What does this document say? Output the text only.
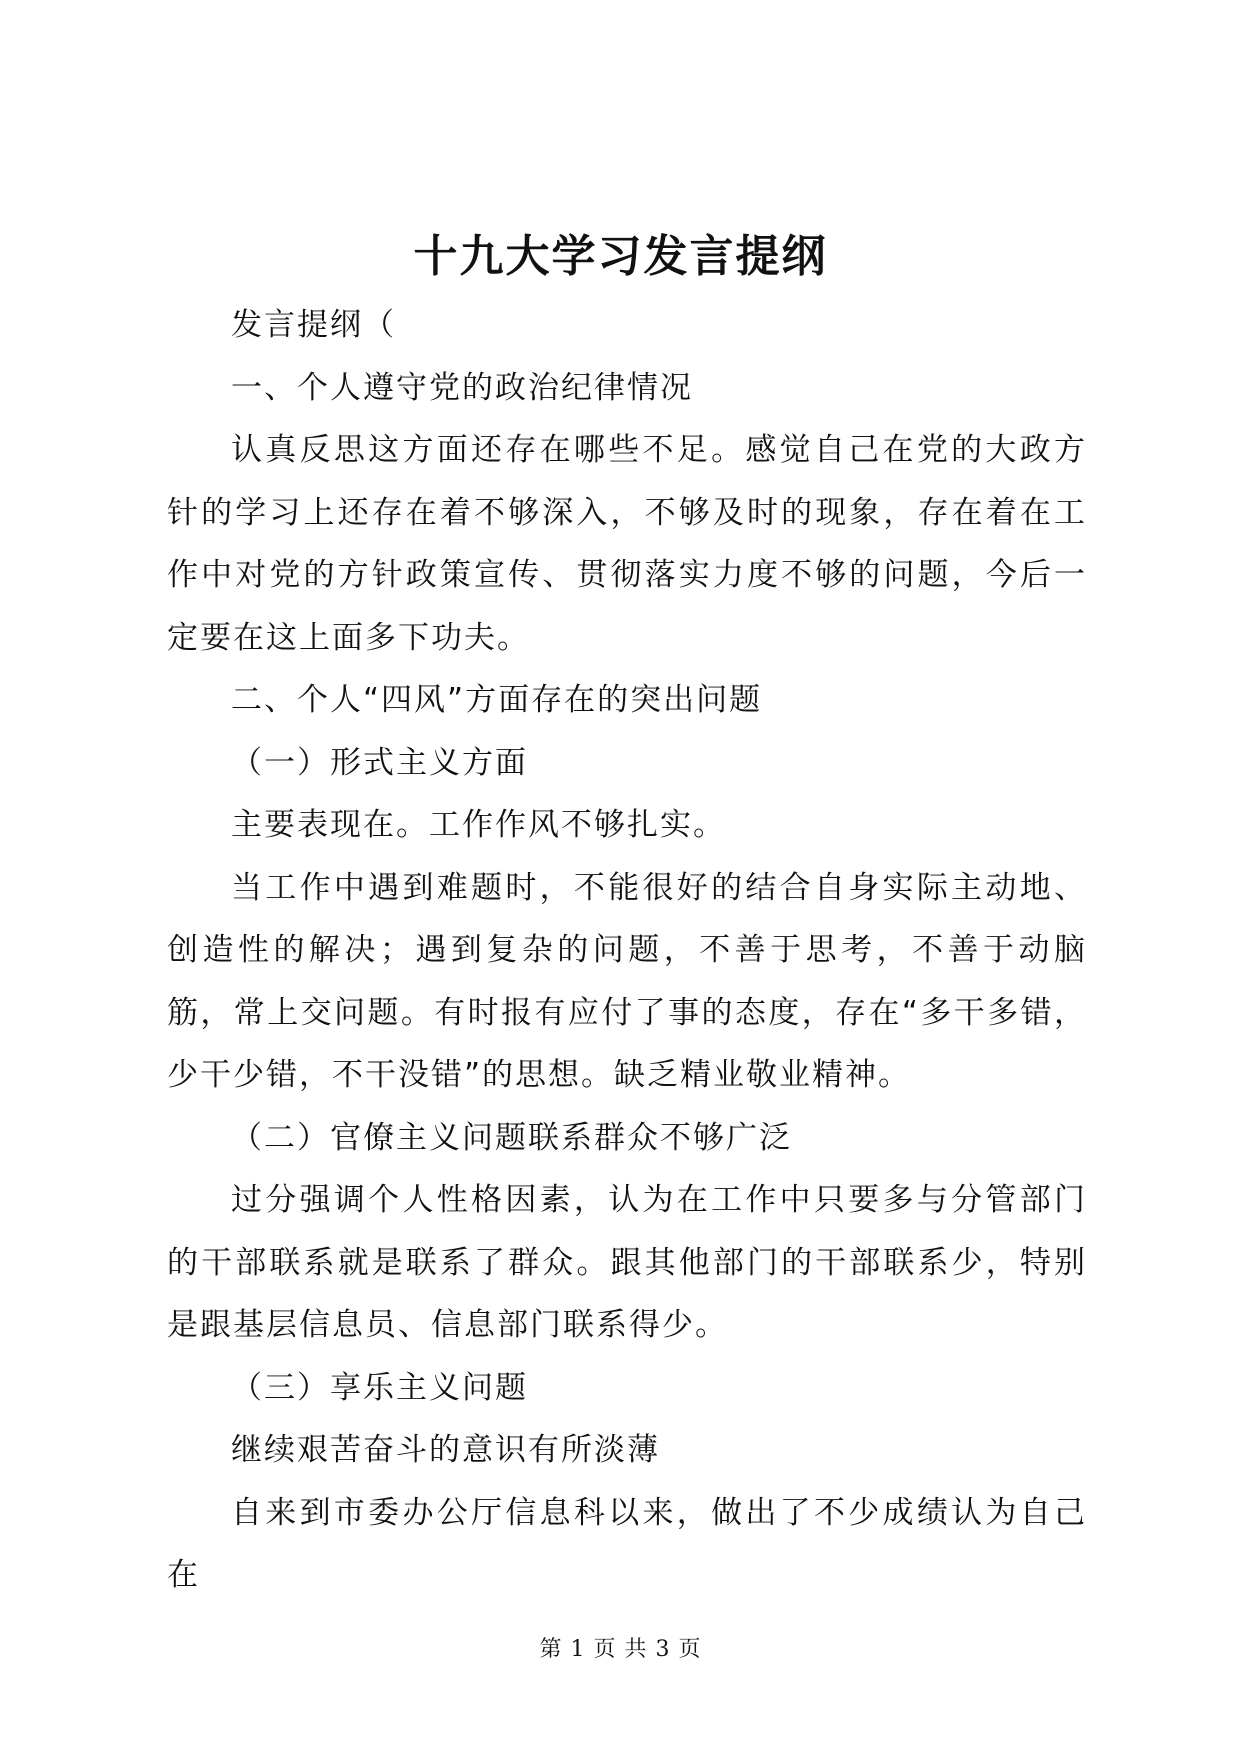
十九大学习发言提纲

发言提纲（

一、个人遵守党的政治纪律情况

认真反思这方面还存在哪些不足。感觉自己在党的大政方针的学习上还存在着不够深入，不够及时的现象，存在着在工作中对党的方针政策宣传、贯彻落实力度不够的问题，今后一定要在这上面多下功夫。

二、个人“四风”方面存在的突出问题

（一）形式主义方面

主要表现在。工作作风不够扎实。

当工作中遇到难题时，不能很好的结合自身实际主动地、创造性的解决；遇到复杂的问题，不善于思考，不善于动脑筋，常上交问题。有时报有应付了事的态度，存在“多干多错，少干少错，不干没错”的思想。缺乏精业敬业精神。

（二）官僚主义问题联系群众不够广泛

过分强调个人性格因素，认为在工作中只要多与分管部门的干部联系就是联系了群众。跟其他部门的干部联系少，特别是跟基层信息员、信息部门联系得少。

（三）享乐主义问题

继续艰苦奋斗的意识有所淡薄

自来到市委办公厅信息科以来，做出了不少成绩认为自己在

第 1 页 共 3 页
